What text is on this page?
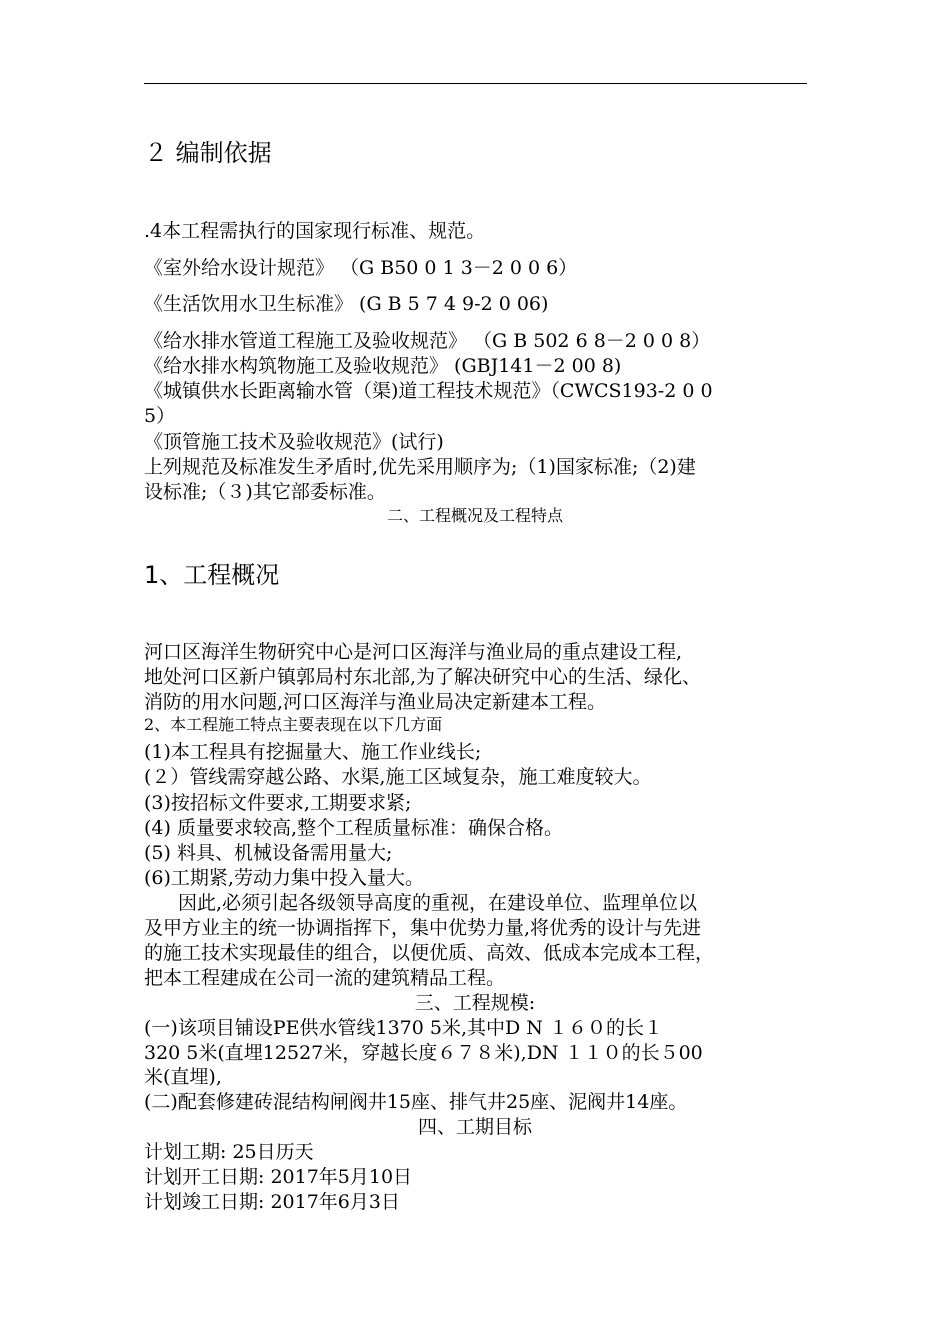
２ 编制依据
.4本工程需执行的国家现行标准、规范。
《室外给水设计规范》 （G B50 0 1 3－2 0 0 6）
《生活饮用水卫生标准》 (G B 5 7 4 9-2 0 06)
《给水排水管道工程施工及验收规范》 （G B 502 6 8－2 0 0 8）
《给水排水构筑物施工及验收规范》 (GBJ141－2 00 8)
《城镇供水长距离输水管（渠)道工程技术规范》（CWCS193-2 0 0
5）
《顶管施工技术及验收规范》(试行)
上列规范及标准发生矛盾时,优先采用顺序为;（1)国家标准;（2)建
设标准;（３)其它部委标准。
二、工程概况及工程特点
1、工程概况
河口区海洋生物研究中心是河口区海洋与渔业局的重点建设工程,
地处河口区新户镇郭局村东北部,为了解决研究中心的生活、绿化、
消防的用水问题,河口区海洋与渔业局决定新建本工程。
2、本工程施工特点主要表现在以下几方面
(1)本工程具有挖掘量大、施工作业线长;
(２）管线需穿越公路、水渠,施工区域复杂，施工难度较大。
(3)按招标文件要求,工期要求紧;
(4) 质量要求较高,整个工程质量标准：确保合格。
(5) 料具、机械设备需用量大;
(6)工期紧,劳动力集中投入量大。
因此,必须引起各级领导高度的重视，在建设单位、监理单位以
及甲方业主的统一协调指挥下，集中优势力量,将优秀的设计与先进
的施工技术实现最佳的组合，以便优质、高效、低成本完成本工程，
把本工程建成在公司一流的建筑精品工程。
三、工程规模:
(一)该项目铺设PE供水管线1370 5米,其中D N １６０的长１
320 5米(直埋12527米，穿越长度６７８米),DN １１０的长５00
米(直埋),
(二)配套修建砖混结构闸阀井15座、排气井25座、泥阀井14座。
四、工期目标
计划工期: 25日历天
计划开工日期: 2017年5月10日
计划竣工日期: 2017年6月3日
